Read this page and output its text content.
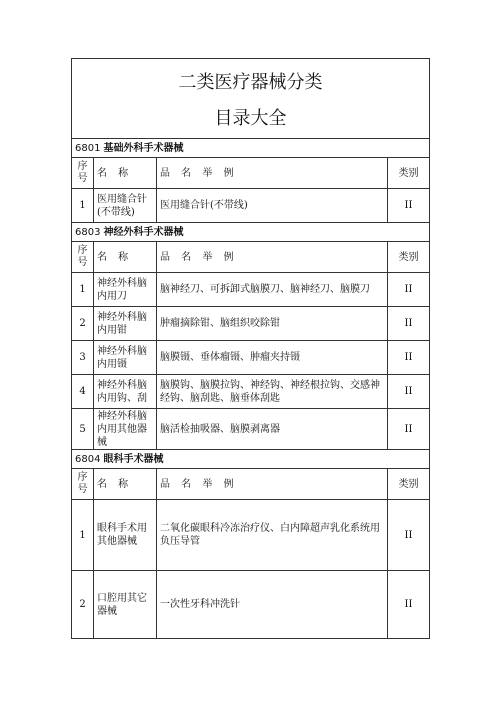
二类医疗器械分类
目录大全			

6801 基础外科手术器械			
序号	名 称	品 名 举 例	类别
1	医用缝合针(不带线)	医用缝合针(不带线)	II
6803 神经外科手术器械			
序号	名 称	品 名 举 例	类别
1	神经外科脑内用刀	脑神经刀、可拆卸式脑膜刀、脑神经刀、脑膜刀	II
2	神经外科脑内用钳	肿瘤摘除钳、脑组织咬除钳	II
3	神经外科脑内用镊	脑膜镊、垂体瘤镊、肿瘤夹持镊	II
4	神经外科脑内用钩、刮	脑膜钩、脑膜拉钩、神经钩、神经根拉钩、交感神经钩、脑刮匙、脑垂体刮匙	II
5	神经外科脑内用其他器械	脑活检抽吸器、脑膜剥离器	II
6804 眼科手术器械			
序号	名 称	品 名 举 例	类别
1	眼科手术用其他器械	二氧化碳眼科冷冻治疗仪、白内障超声乳化系统用负压导管	II
2	口腔用其它器械	一次性牙科冲洗针	II
